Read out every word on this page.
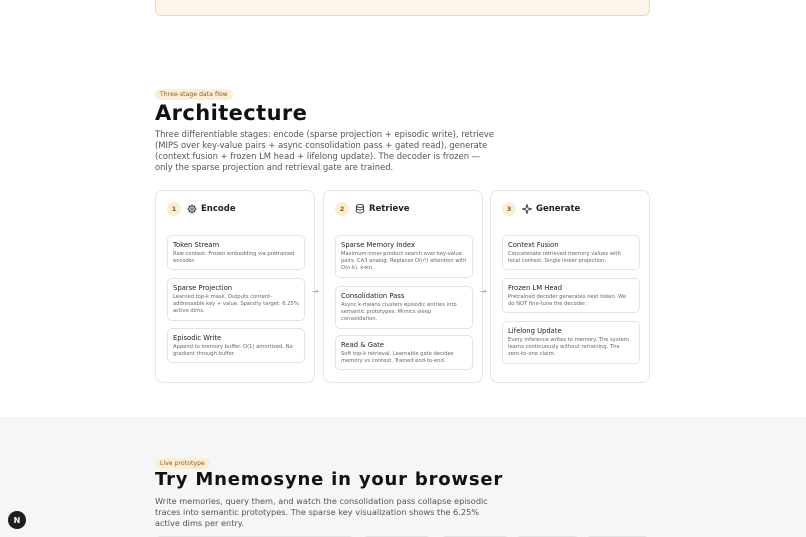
Three-stage data flow
Architecture

Three differentiable stages: encode (sparse projection + episodic write), retrieve (MIPS over key-value pairs + async consolidation pass + gated read), generate (context fusion + frozen LM head + lifelong update). The decoder is frozen — only the sparse projection and retrieval gate are trained.

1	Encode
Token Stream
Raw context. Frozen embedding via pretrained encoder.
Sparse Projection
Learned top-k mask. Outputs content-addressable key + value. Sparsity target: 6.25% active dims.
Episodic Write
Append to memory buffer. O(1) amortized. No gradient through buffer.
→
2	Retrieve
Sparse Memory Index
Maximum-inner-product search over key-value pairs. CA3 analog. Replaces O(n²) attention with O(n·k), k≪n.
Consolidation Pass
Async k-means clusters episodic entries into semantic prototypes. Mimics sleep consolidation.
Read & Gate
Soft top-k retrieval. Learnable gate decides memory vs context. Trained end-to-end.
→
3	Generate
Context Fusion
Concatenate retrieved memory values with local context. Single linear projection.
Frozen LM Head
Pretrained decoder generates next token. We do NOT fine-tune the decoder.
Lifelong Update
Every inference writes to memory. The system learns continuously without retraining. The zero-to-one claim.
Live prototype
Try Mnemosyne in your browser

Write memories, query them, and watch the consolidation pass collapse episodic traces into semantic prototypes. The sparse key visualization shows the 6.25% active dims per entry.

N
